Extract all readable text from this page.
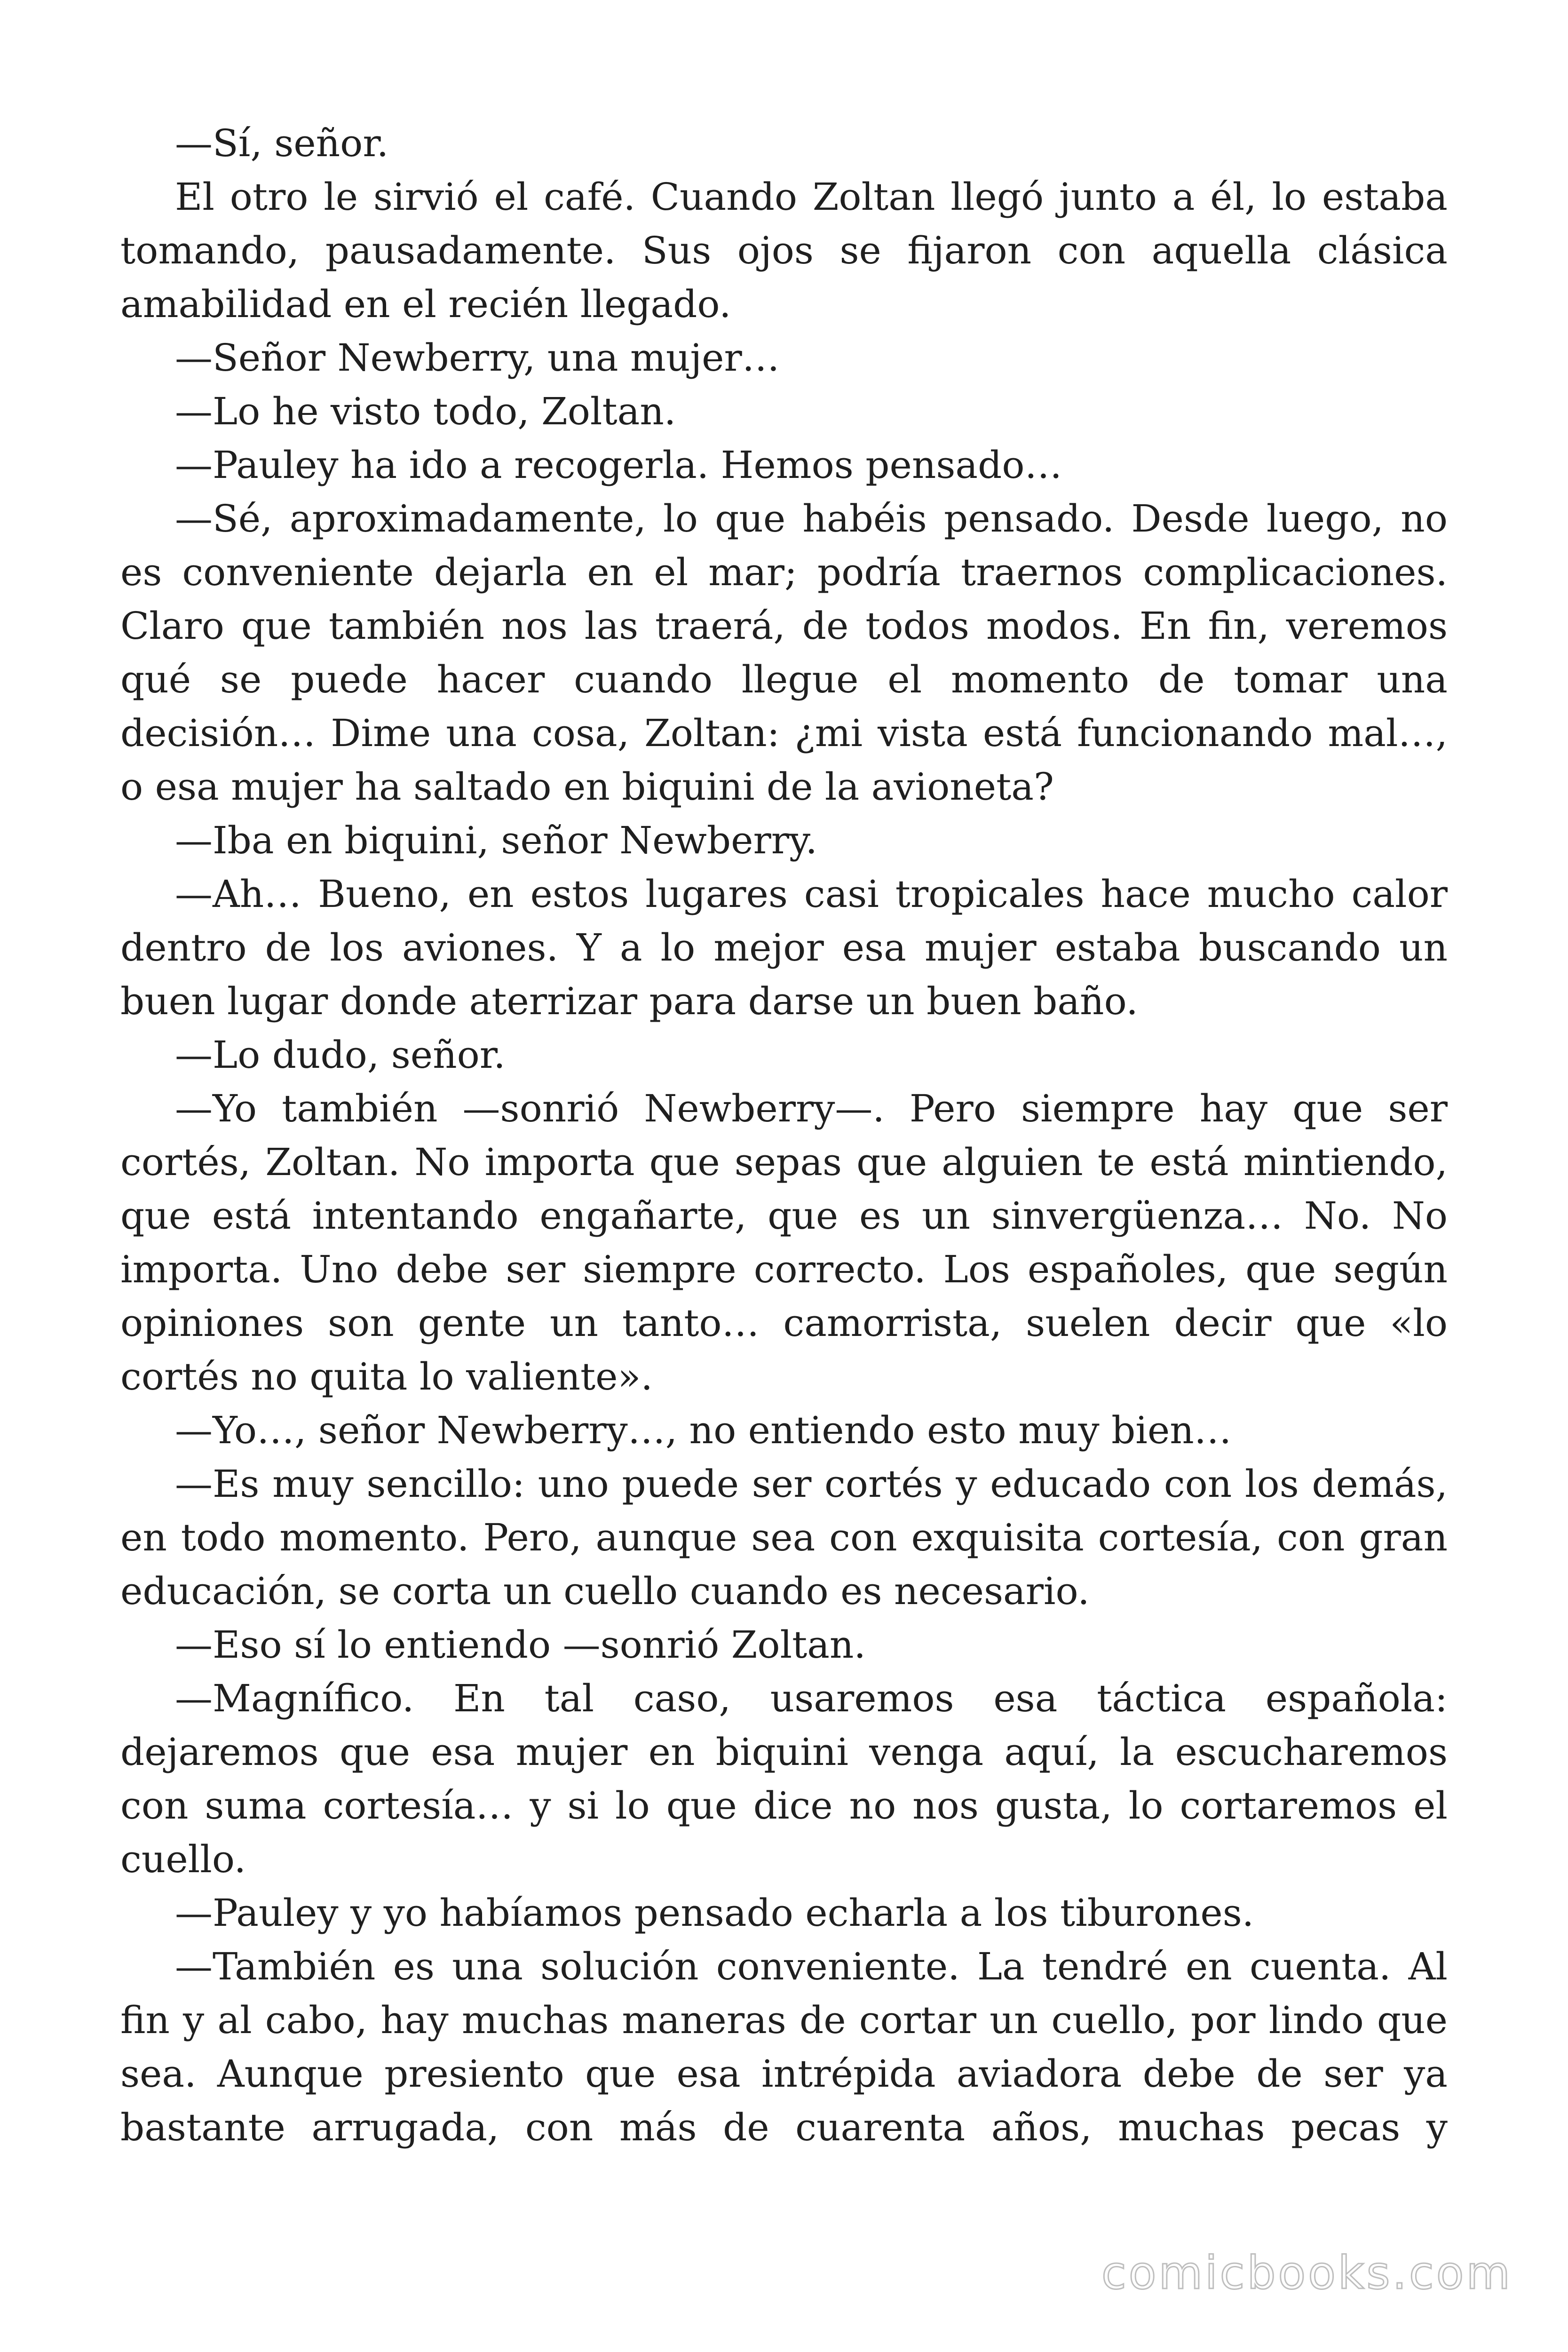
—Sí, señor.

El otro le sirvió el café. Cuando Zoltan llegó junto a él, lo estaba tomando, pausadamente. Sus ojos se fijaron con aquella clásica amabilidad en el recién llegado.

—Señor Newberry, una mujer…

—Lo he visto todo, Zoltan.

—Pauley ha ido a recogerla. Hemos pensado…

—Sé, aproximadamente, lo que habéis pensado. Desde luego, no es conveniente dejarla en el mar; podría traernos complicaciones. Claro que también nos las traerá, de todos modos. En fin, veremos qué se puede hacer cuando llegue el momento de tomar una decisión… Dime una cosa, Zoltan: ¿mi vista está funcionando mal…, o esa mujer ha saltado en biquini de la avioneta?

—Iba en biquini, señor Newberry.

—Ah… Bueno, en estos lugares casi tropicales hace mucho calor dentro de los aviones. Y a lo mejor esa mujer estaba buscando un buen lugar donde aterrizar para darse un buen baño.

—Lo dudo, señor.

—Yo también —sonrió Newberry—. Pero siempre hay que ser cortés, Zoltan. No importa que sepas que alguien te está mintiendo, que está intentando engañarte, que es un sinvergüenza… No. No importa. Uno debe ser siempre correcto. Los españoles, que según opiniones son gente un tanto… camorrista, suelen decir que «lo cortés no quita lo valiente».

—Yo…, señor Newberry…, no entiendo esto muy bien…

—Es muy sencillo: uno puede ser cortés y educado con los demás, en todo momento. Pero, aunque sea con exquisita cortesía, con gran educación, se corta un cuello cuando es necesario.

—Eso sí lo entiendo —sonrió Zoltan.

—Magnífico. En tal caso, usaremos esa táctica española: dejaremos que esa mujer en biquini venga aquí, la escucharemos con suma cortesía… y si lo que dice no nos gusta, lo cortaremos el cuello.

—Pauley y yo habíamos pensado echarla a los tiburones.

—También es una solución conveniente. La tendré en cuenta. Al fin y al cabo, hay muchas maneras de cortar un cuello, por lindo que sea. Aunque presiento que esa intrépida aviadora debe de ser ya bastante arrugada, con más de cuarenta años, muchas pecas y

comicbooks.com
